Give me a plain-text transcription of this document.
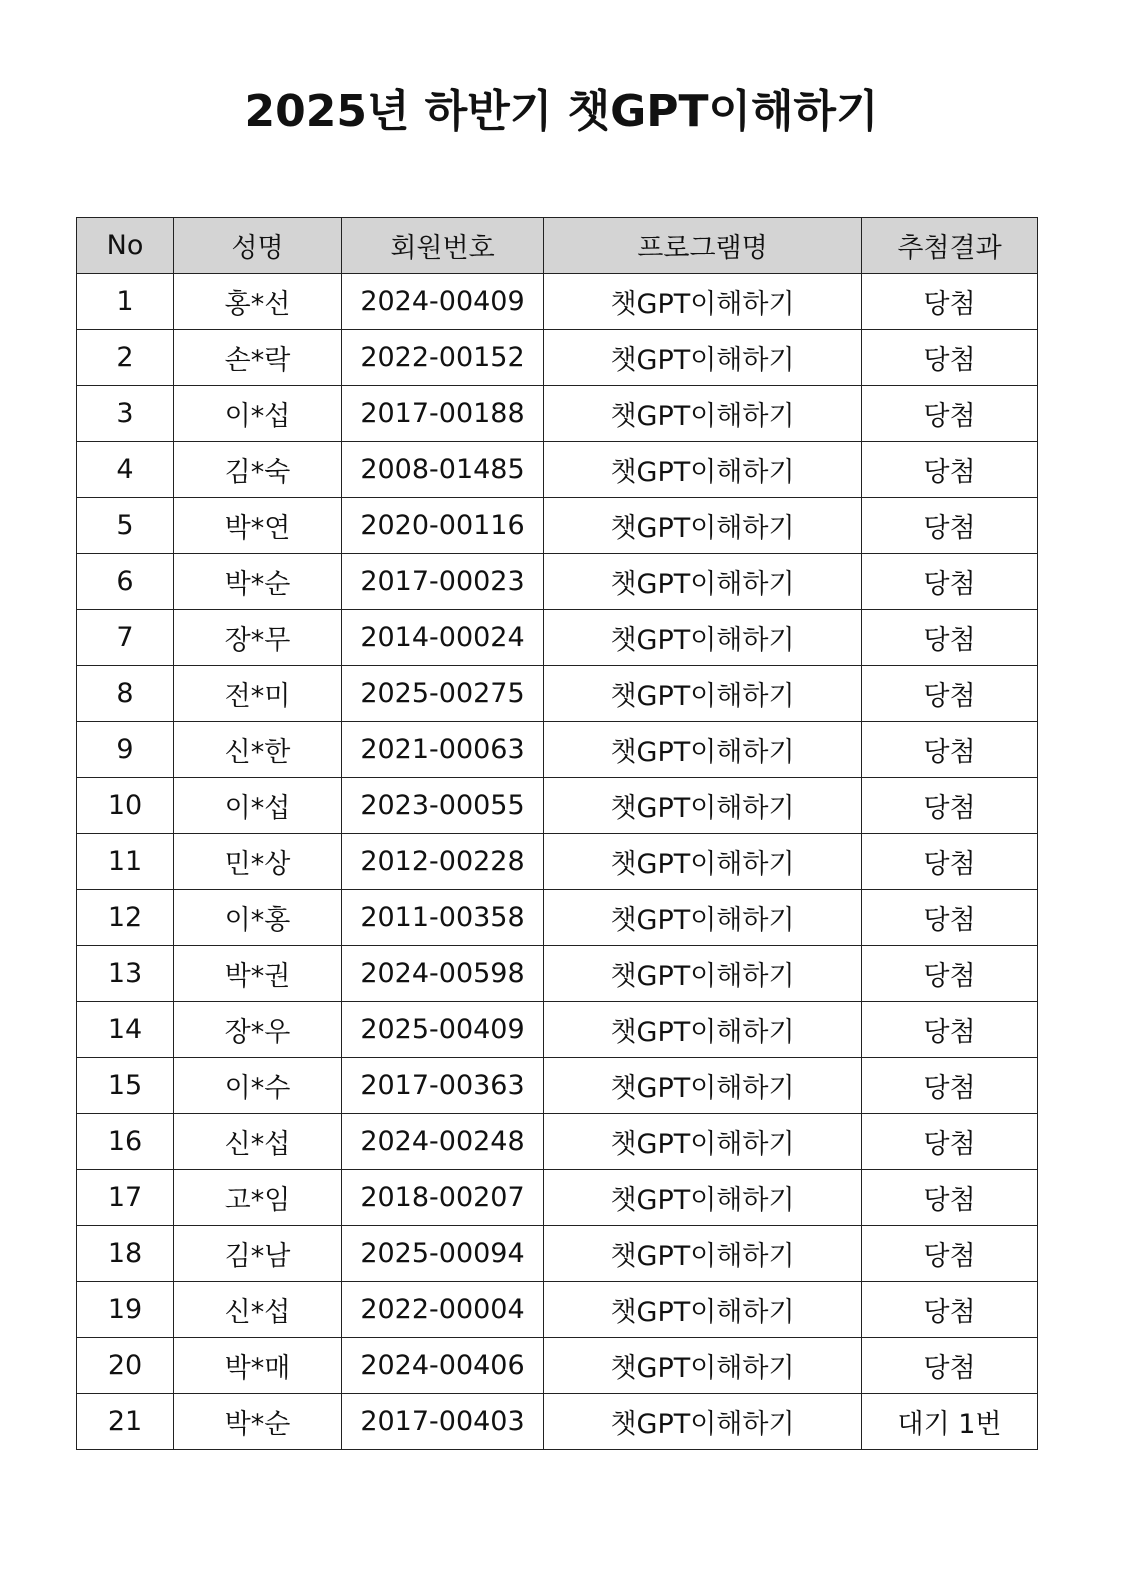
2025년 하반기 챗GPT이해하기
No	성명	회원번호	프로그램명	추첨결과
1	홍*선	2024-00409	챗GPT이해하기	당첨
2	손*락	2022-00152	챗GPT이해하기	당첨
3	이*섭	2017-00188	챗GPT이해하기	당첨
4	김*숙	2008-01485	챗GPT이해하기	당첨
5	박*연	2020-00116	챗GPT이해하기	당첨
6	박*순	2017-00023	챗GPT이해하기	당첨
7	장*무	2014-00024	챗GPT이해하기	당첨
8	전*미	2025-00275	챗GPT이해하기	당첨
9	신*한	2021-00063	챗GPT이해하기	당첨
10	이*섭	2023-00055	챗GPT이해하기	당첨
11	민*상	2012-00228	챗GPT이해하기	당첨
12	이*홍	2011-00358	챗GPT이해하기	당첨
13	박*권	2024-00598	챗GPT이해하기	당첨
14	장*우	2025-00409	챗GPT이해하기	당첨
15	이*수	2017-00363	챗GPT이해하기	당첨
16	신*섭	2024-00248	챗GPT이해하기	당첨
17	고*임	2018-00207	챗GPT이해하기	당첨
18	김*남	2025-00094	챗GPT이해하기	당첨
19	신*섭	2022-00004	챗GPT이해하기	당첨
20	박*매	2024-00406	챗GPT이해하기	당첨
21	박*순	2017-00403	챗GPT이해하기	대기 1번
